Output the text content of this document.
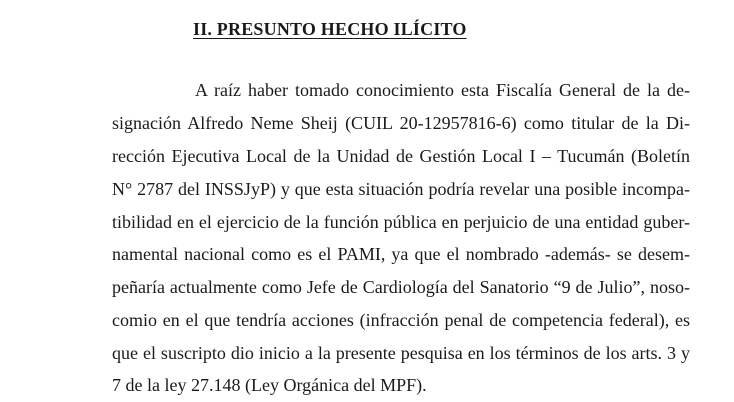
II. PRESUNTO HECHO ILÍCITO
A raíz haber tomado conocimiento esta Fiscalía General de la de-
signación Alfredo Neme Sheij (CUIL 20-12957816-6) como titular de la Di-
rección Ejecutiva Local de la Unidad de Gestión Local I – Tucumán (Boletín
N° 2787 del INSSJyP) y que esta situación podría revelar una posible incompa-
tibilidad en el ejercicio de la función pública en perjuicio de una entidad guber-
namental nacional como es el PAMI, ya que el nombrado -además- se desem-
peñaría actualmente como Jefe de Cardiología del Sanatorio “9 de Julio”, noso-
comio en el que tendría acciones (infracción penal de competencia federal), es
que el suscripto dio inicio a la presente pesquisa en los términos de los arts. 3 y
7 de la ley 27.148 (Ley Orgánica del MPF).
